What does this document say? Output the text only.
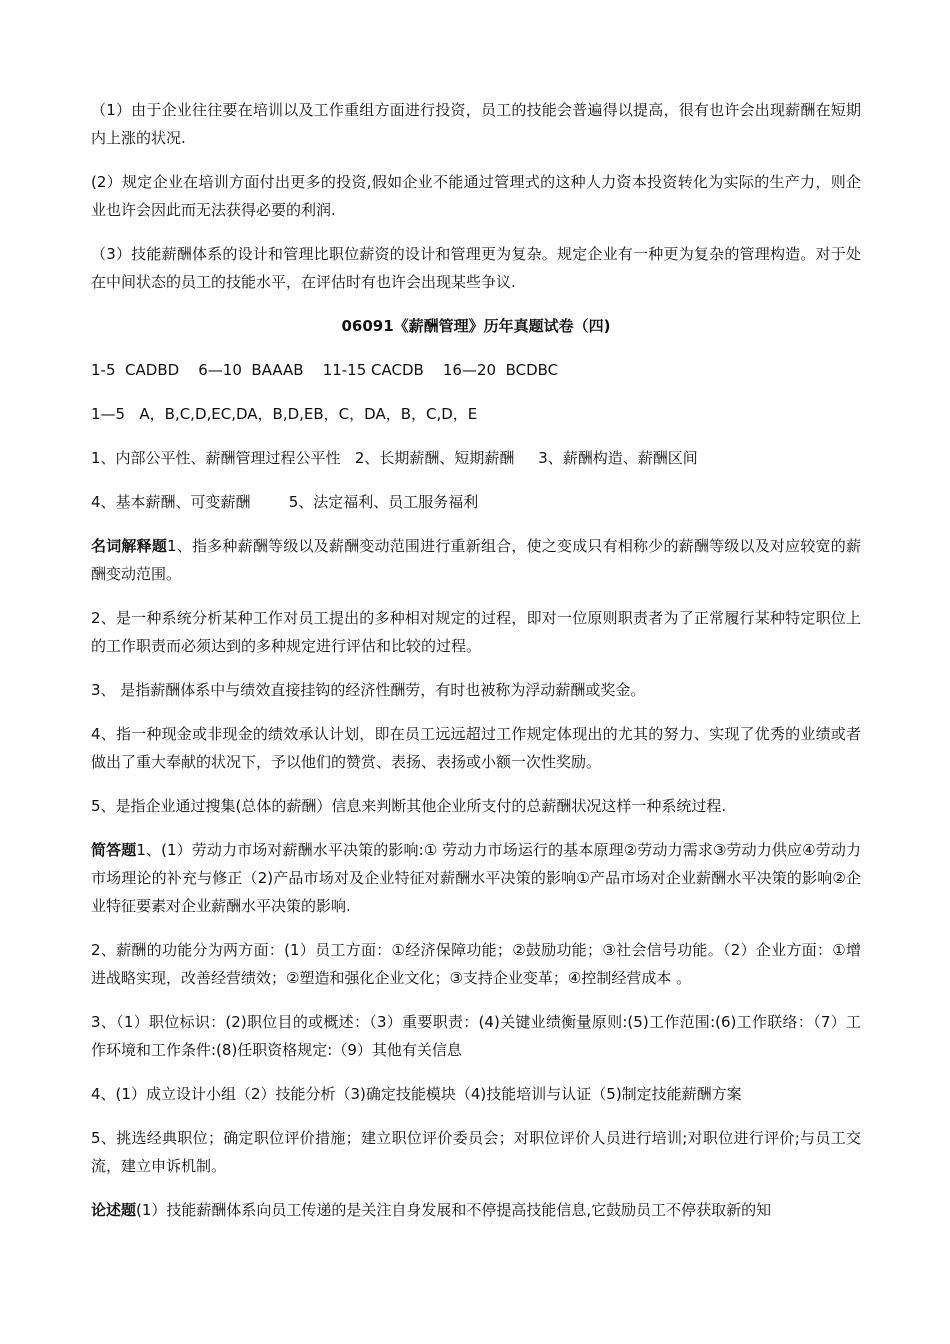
（1）由于企业往往要在培训以及工作重组方面进行投资，员工的技能会普遍得以提高，很有也许会出现薪酬在短期内上涨的状况.

(2）规定企业在培训方面付出更多的投资,假如企业不能通过管理式的这种人力资本投资转化为实际的生产力，则企业也许会因此而无法获得必要的利润.

（3）技能薪酬体系的设计和管理比职位薪资的设计和管理更为复杂。规定企业有一种更为复杂的管理构造。对于处在中间状态的员工的技能水平，在评估时有也许会出现某些争议.

06091《薪酬管理》历年真题试卷（四)

1-5  CADBD    6—10  BAAAB    11-15 CACDB    16—20  BCDBC

1—5   A，B,C,D,EC,DA，B,D,EB，C，DA，B，C,D，E

1、内部公平性、薪酬管理过程公平性   2、长期薪酬、短期薪酬     3、薪酬构造、薪酬区间

4、基本薪酬、可变薪酬        5、法定福利、员工服务福利

名词解释题1、指多种薪酬等级以及薪酬变动范围进行重新组合，使之变成只有相称少的薪酬等级以及对应较宽的薪酬变动范围。

2、是一种系统分析某种工作对员工提出的多种相对规定的过程，即对一位原则职责者为了正常履行某种特定职位上的工作职责而必须达到的多种规定进行评估和比较的过程。

3、 是指薪酬体系中与绩效直接挂钩的经济性酬劳，有时也被称为浮动薪酬或奖金。

4、指一种现金或非现金的绩效承认计划，即在员工远远超过工作规定体现出的尤其的努力、实现了优秀的业绩或者做出了重大奉献的状况下，予以他们的赞赏、表扬、表扬或小额一次性奖励。

5、是指企业通过搜集(总体的薪酬）信息来判断其他企业所支付的总薪酬状况这样一种系统过程.

简答题1、(1）劳动力市场对薪酬水平决策的影响:① 劳动力市场运行的基本原理②劳动力需求③劳动力供应④劳动力市场理论的补充与修正（2)产品市场对及企业特征对薪酬水平决策的影响①产品市场对企业薪酬水平决策的影响②企业特征要素对企业薪酬水平决策的影响.

2、薪酬的功能分为两方面：(1）员工方面：①经济保障功能；②鼓励功能；③社会信号功能。（2）企业方面：①增进战略实现，改善经营绩效；②塑造和强化企业文化；③支持企业变革；④控制经营成本 。

3、（1）职位标识：(2)职位目的或概述：（3）重要职责：(4)关键业绩衡量原则:(5)工作范围:(6)工作联络：（7）工作环境和工作条件:(8)任职资格规定:（9）其他有关信息

4、(1）成立设计小组（2）技能分析（3)确定技能模块（4)技能培训与认证（5)制定技能薪酬方案

5、挑选经典职位；确定职位评价措施；建立职位评价委员会；对职位评价人员进行培训;对职位进行评价;与员工交流，建立申诉机制。

论述题(1）技能薪酬体系向员工传递的是关注自身发展和不停提高技能信息,它鼓励员工不停获取新的知
